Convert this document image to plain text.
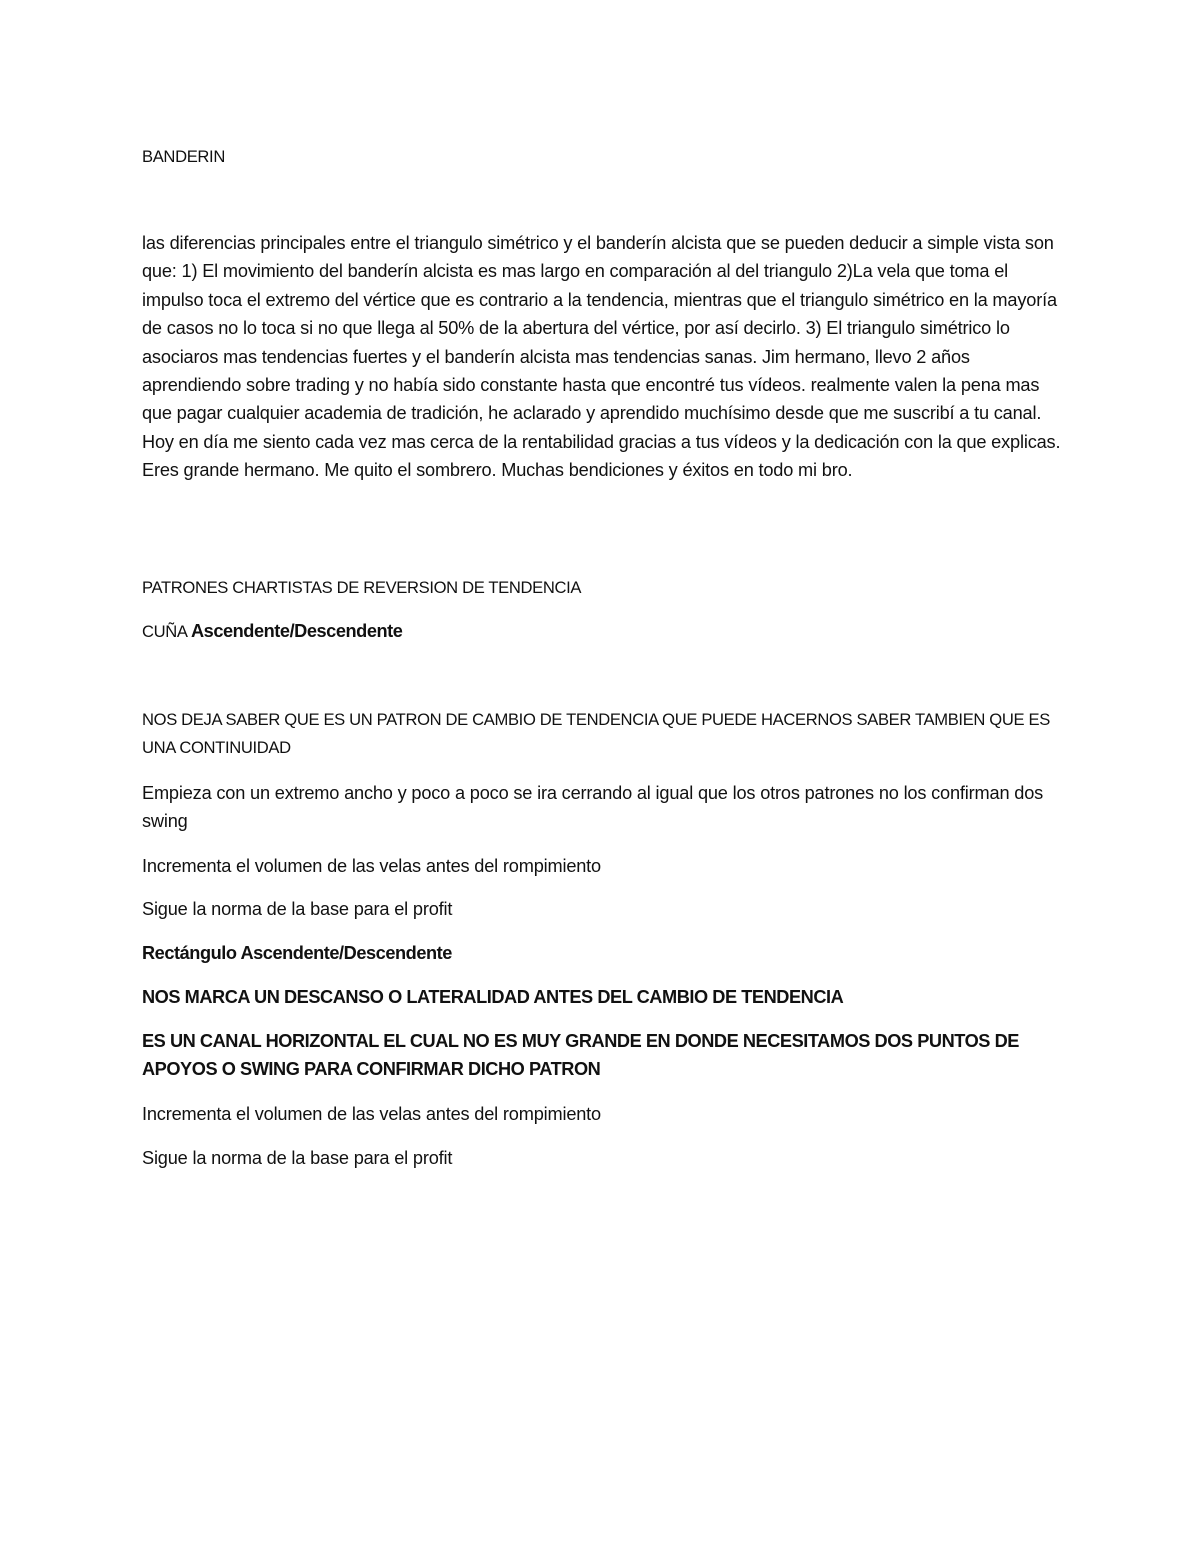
BANDERIN

las diferencias principales entre el triangulo simétrico y el banderín alcista que se pueden deducir a simple vista son que: 1) El movimiento del banderín alcista es mas largo en comparación al del triangulo 2)La vela que toma el impulso toca el extremo del vértice que es contrario a la tendencia, mientras que el triangulo simétrico en la mayoría de casos no lo toca si no que llega al 50% de la abertura del vértice, por así decirlo. 3) El triangulo simétrico lo asociaros mas tendencias fuertes y el banderín alcista mas tendencias sanas. Jim hermano, llevo 2 años aprendiendo sobre trading y no había sido constante hasta que encontré tus vídeos. realmente valen la pena mas que pagar cualquier academia de tradición, he aclarado y aprendido muchísimo desde que me suscribí a tu canal. Hoy en día me siento cada vez mas cerca de la rentabilidad gracias a tus vídeos y la dedicación con la que explicas. Eres grande hermano. Me quito el sombrero. Muchas bendiciones y éxitos en todo mi bro.

PATRONES CHARTISTAS DE REVERSION DE TENDENCIA

CUÑA Ascendente/Descendente

NOS DEJA SABER QUE ES UN PATRON DE CAMBIO DE TENDENCIA QUE PUEDE HACERNOS SABER TAMBIEN QUE ES UNA CONTINUIDAD

Empieza con un extremo ancho y poco a poco se ira cerrando al igual que los otros patrones no los confirman dos swing

Incrementa el volumen de las velas antes del rompimiento

Sigue la norma de la base para el profit

Rectángulo Ascendente/Descendente

NOS MARCA UN DESCANSO O LATERALIDAD ANTES DEL CAMBIO DE TENDENCIA

ES UN CANAL HORIZONTAL EL CUAL NO ES MUY GRANDE EN DONDE NECESITAMOS DOS PUNTOS DE APOYOS O SWING PARA CONFIRMAR DICHO PATRON

Incrementa el volumen de las velas antes del rompimiento

Sigue la norma de la base para el profit
